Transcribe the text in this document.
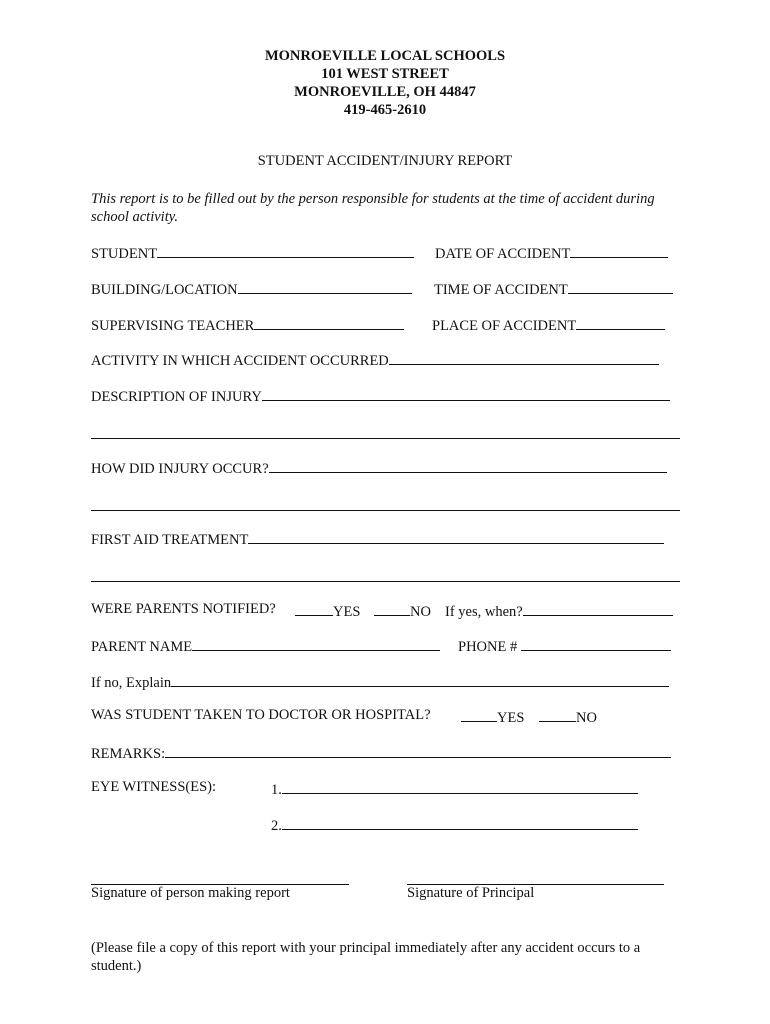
MONROEVILLE LOCAL SCHOOLS
101 WEST STREET
MONROEVILLE, OH 44847
419-465-2610
STUDENT ACCIDENT/INJURY REPORT
This report is to be filled out by the person responsible for students at the time of accident during school activity.
STUDENT	DATE OF ACCIDENT
BUILDING/LOCATION	TIME OF ACCIDENT
SUPERVISING TEACHER	PLACE OF ACCIDENT
ACTIVITY IN WHICH ACCIDENT OCCURRED
DESCRIPTION OF INJURY
HOW DID INJURY OCCUR?
FIRST AID TREATMENT
WERE PARENTS NOTIFIED?	YES	NO If yes, when?
PARENT NAME	PHONE #
If no, Explain
WAS STUDENT TAKEN TO DOCTOR OR HOSPITAL?	YES	NO
REMARKS:
EYE WITNESS(ES):	1.
2.
Signature of person making report	Signature of Principal
(Please file a copy of this report with your principal immediately after any accident occurs to a student.)
